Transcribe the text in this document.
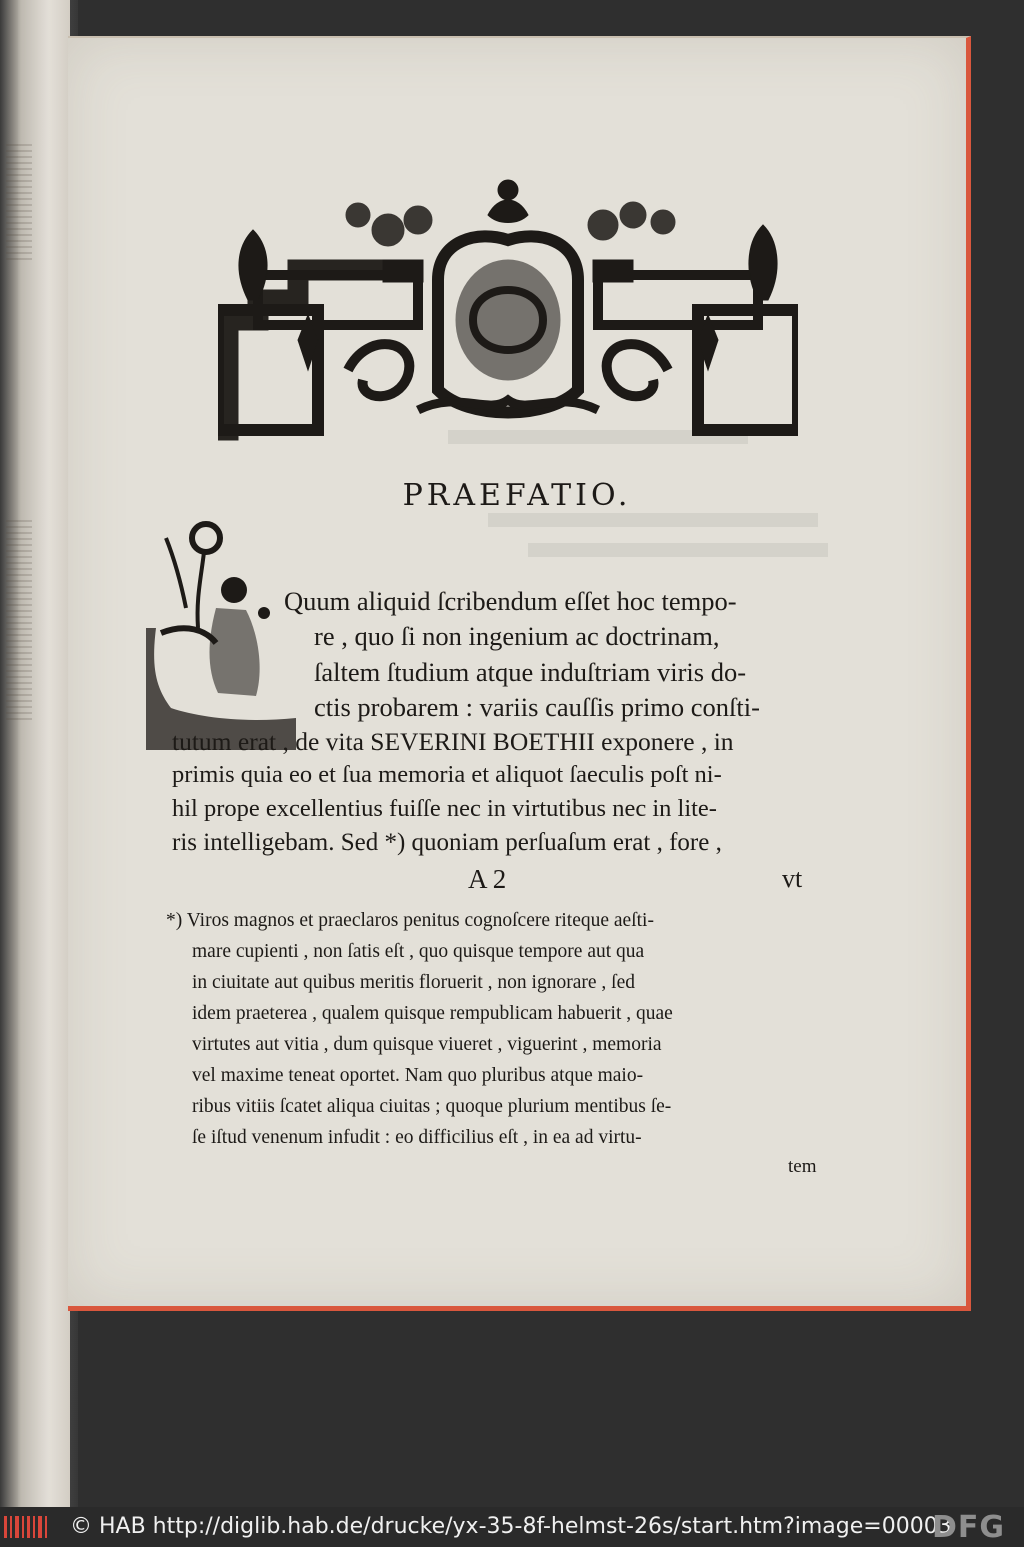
PRAEFATIO.
Quum aliquid ſcribendum eſſet hoc tempo-
re , quo ſi non ingenium ac doctrinam,
ſaltem ſtudium atque induſtriam viris do-
ctis probarem : variis cauſſis primo conſti-
tutum erat , de vita SEVERINI BOETHII exponere , in
primis quia eo et ſua memoria et aliquot ſaeculis poſt ni-
hil prope excellentius fuiſſe nec in virtutibus nec in lite-
ris intelligebam. Sed *) quoniam perſuaſum erat , fore ,
A 2	vt
*) Viros magnos et praeclaros penitus cognoſcere riteque aeſti-
mare cupienti , non ſatis eſt , quo quisque tempore aut qua
in ciuitate aut quibus meritis floruerit , non ignorare , ſed
idem praeterea , qualem quisque rempublicam habuerit , quae
virtutes aut vitia , dum quisque viueret , viguerint , memoria
vel maxime teneat oportet. Nam quo pluribus atque maio-
ribus vitiis ſcatet aliqua ciuitas ; quoque plurium mentibus ſe-
ſe iſtud venenum infudit : eo difficilius eſt , in ea ad virtu-
tem
© HAB http://diglib.hab.de/drucke/yx-35-8f-helmst-26s/start.htm?image=00003
DFG
